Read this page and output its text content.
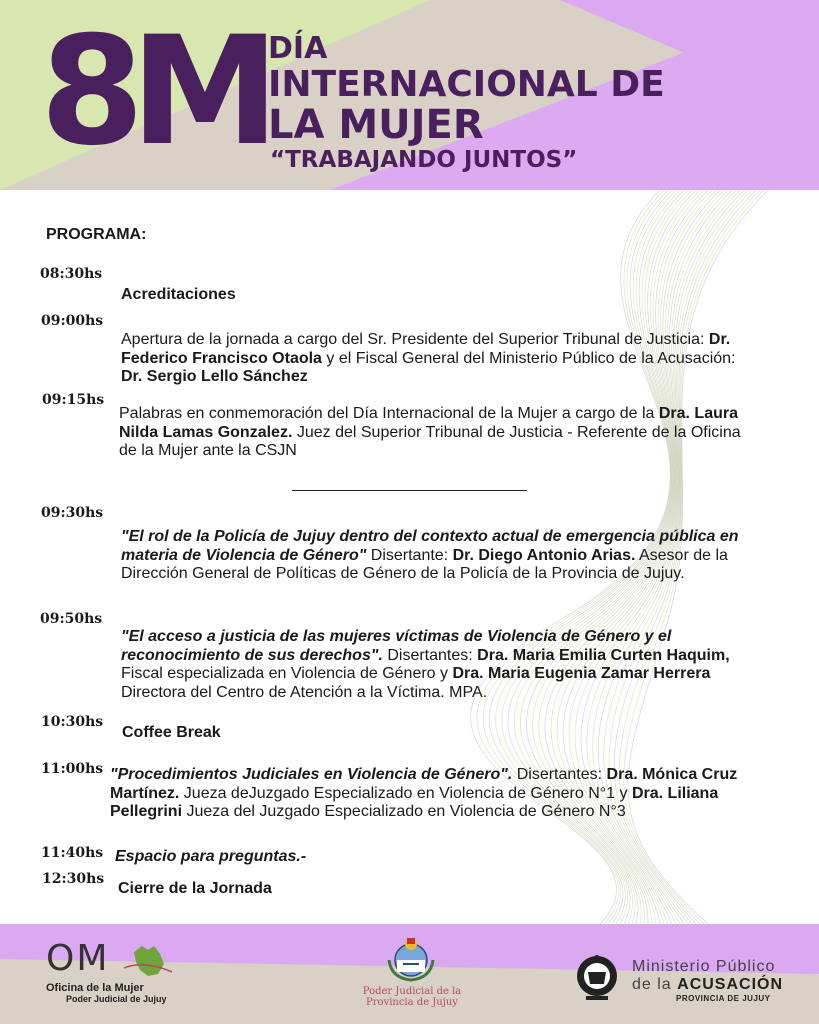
8M DÍA
INTERNACIONAL DE
LA MUJER
“TRABAJANDO JUNTOS”
PROGRAMA:
08:30hs
Acreditaciones
09:00hs
Apertura de la jornada a cargo del Sr. Presidente del Superior Tribunal de Justicia: Dr. Federico Francisco Otaola y el Fiscal General del Ministerio Público de la Acusación: Dr. Sergio Lello Sánchez
09:15hs
Palabras en conmemoración del Día Internacional de la Mujer a cargo de la Dra. Laura Nilda Lamas Gonzalez. Juez del Superior Tribunal de Justicia - Referente de la Oficina de la Mujer ante la CSJN
09:30hs
"El rol de la Policía de Jujuy dentro del contexto actual de emergencia pública en materia de Violencia de Género" Disertante: Dr. Diego Antonio Arias. Asesor de la Dirección General de Políticas de Género de la Policía de la Provincia de Jujuy.
09:50hs
"El acceso a justicia de las mujeres víctimas de Violencia de Género y el reconocimiento de sus derechos". Disertantes: Dra. Maria Emilia Curten Haquim, Fiscal especializada en Violencia de Género y Dra. Maria Eugenia Zamar Herrera Directora del Centro de Atención a la Víctima. MPA.
10:30hs
Coffee Break
11:00hs "Procedimientos Judiciales en Violencia de Género". Disertantes: Dra. Mónica Cruz Martínez. Jueza deJuzgado Especializado en Violencia de Género N°1 y Dra. Liliana Pellegrini Jueza del Juzgado Especializado en Violencia de Género N°3
11:40hs Espacio para preguntas.-
12:30hs
Cierre de la Jornada
OM
Oficina de la Mujer
Poder Judicial de Jujuy
Poder Judicial de la
Provincia de Jujuy
Ministerio Público
de la ACUSACIÓN
PROVINCIA DE JUJUY
